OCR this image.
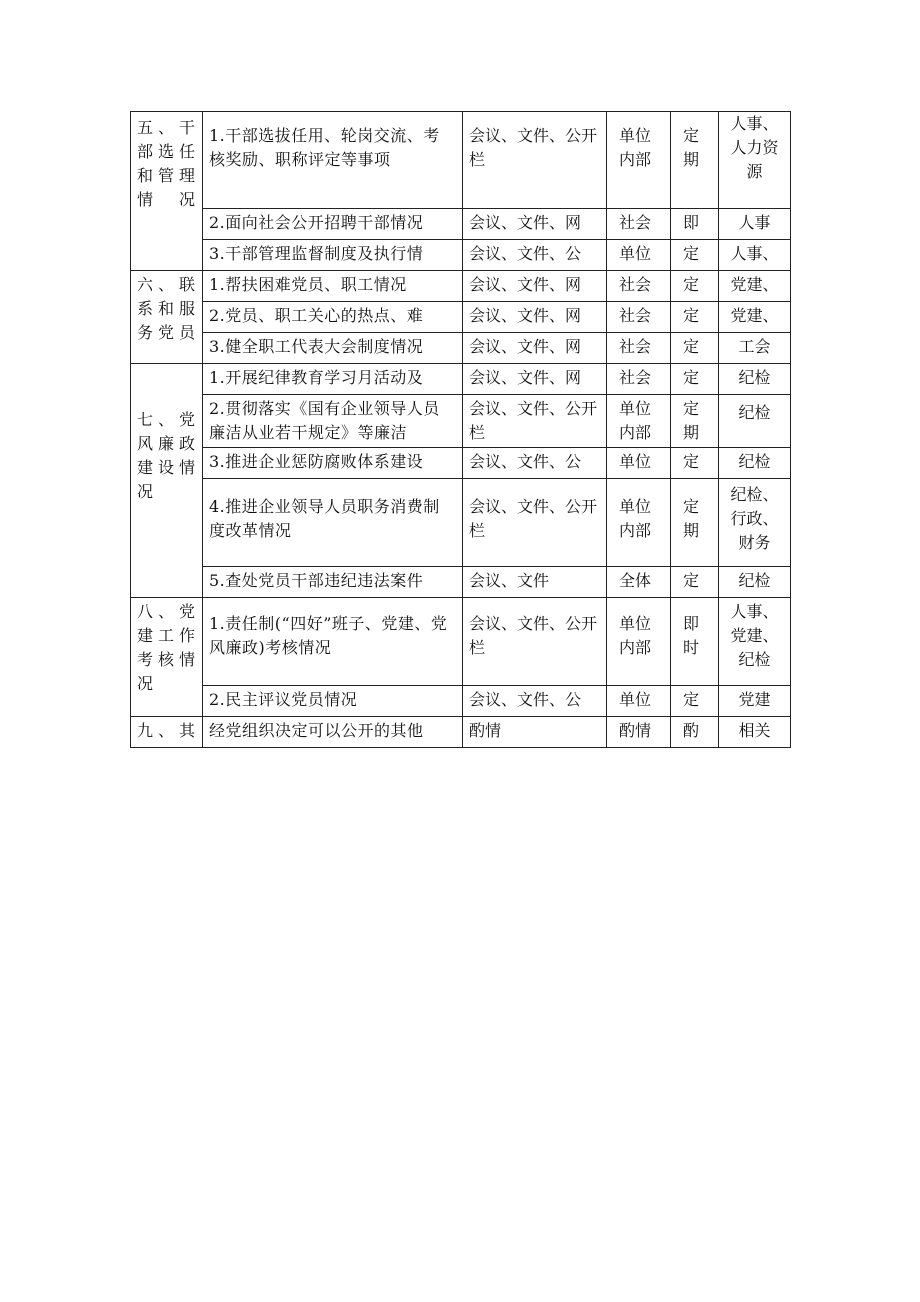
五、干部选任和管理情况	1.干部选拔任用、轮岗交流、考核奖励、职称评定等事项	会议、文件、公开栏	单位内部	定期	人事、人力资源

	2.面向社会公开招聘干部情况	会议、文件、网	社会	即	人事

	3.干部管理监督制度及执行情	会议、文件、公	单位	定	人事、

六、联系和服务党员	1.帮扶困难党员、职工情况	会议、文件、网	社会	定	党建、

	2.党员、职工关心的热点、难	会议、文件、网	社会	定	党建、

	3.健全职工代表大会制度情况	会议、文件、网	社会	定	工会

七、党风廉政建设情况	1.开展纪律教育学习月活动及	会议、文件、网	社会	定	纪检

	2.贯彻落实《国有企业领导人员廉洁从业若干规定》等廉洁	会议、文件、公开栏	单位内部	定期	纪检

	3.推进企业惩防腐败体系建设	会议、文件、公	单位	定	纪检

	4.推进企业领导人员职务消费制度改革情况	会议、文件、公开栏	单位内部	定期	纪检、行政、财务

	5.查处党员干部违纪违法案件	会议、文件	全体	定	纪检

八、党建工作考核情况	1.责任制(“四好”班子、党建、党风廉政)考核情况	会议、文件、公开栏	单位内部	即时	人事、党建、纪检

	2.民主评议党员情况	会议、文件、公	单位	定	党建

九、其	经党组织决定可以公开的其他	酌情	酌情	酌	相关
